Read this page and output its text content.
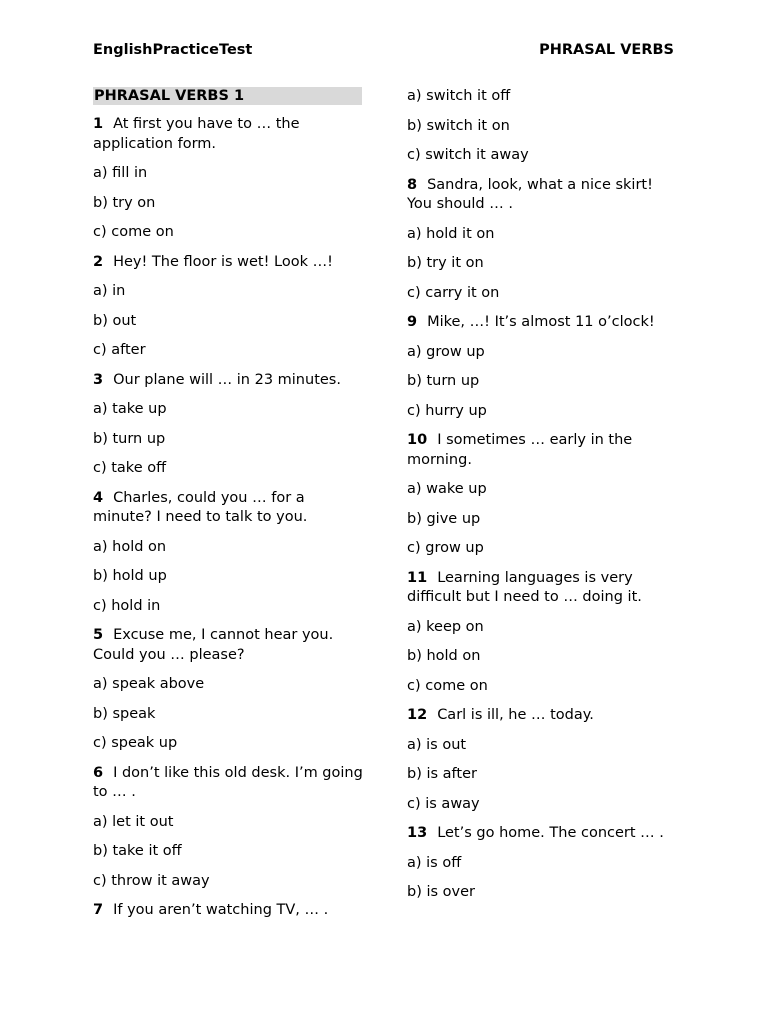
EnglishPracticeTest	PHRASAL VERBS
PHRASAL VERBS 1
1 At first you have to … the application form.
a) fill in
b) try on
c) come on
2 Hey! The floor is wet! Look …!
a) in
b) out
c) after
3 Our plane will … in 23 minutes.
a) take up
b) turn up
c) take off
4 Charles, could you … for a minute? I need to talk to you.
a) hold on
b) hold up
c) hold in
5 Excuse me, I cannot hear you. Could you … please?
a) speak above
b) speak
c) speak up
6 I don’t like this old desk. I’m going to … .
a) let it out
b) take it off
c) throw it away
7 If you aren’t watching TV, … .
a) switch it off
b) switch it on
c) switch it away
8 Sandra, look, what a nice skirt! You should … .
a) hold it on
b) try it on
c) carry it on
9 Mike, …! It’s almost 11 o’clock!
a) grow up
b) turn up
c) hurry up
10 I sometimes … early in the morning.
a) wake up
b) give up
c) grow up
11 Learning languages is very difficult but I need to … doing it.
a) keep on
b) hold on
c) come on
12 Carl is ill, he … today.
a) is out
b) is after
c) is away
13 Let’s go home. The concert … .
a) is off
b) is over
